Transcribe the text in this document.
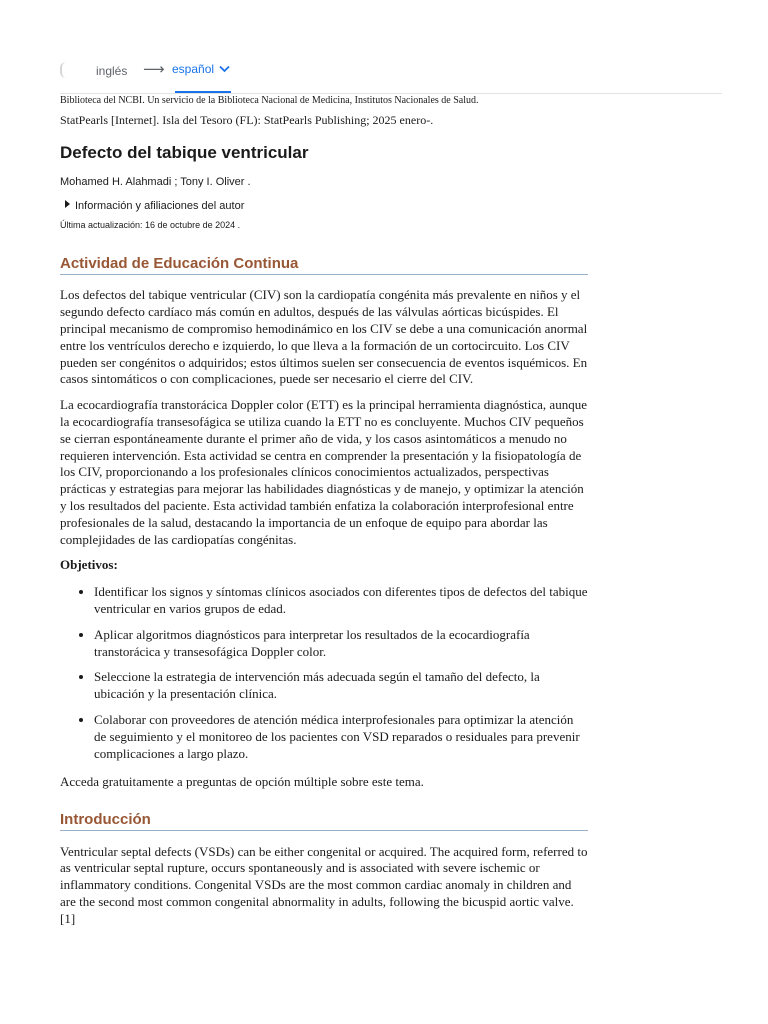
inglés ⟶ español

Biblioteca del NCBI. Un servicio de la Biblioteca Nacional de Medicina, Institutos Nacionales de Salud.

StatPearls [Internet]. Isla del Tesoro (FL): StatPearls Publishing; 2025 enero-.

Defecto del tabique ventricular

Mohamed H. Alahmadi ; Tony I. Oliver .

Información y afiliaciones del autor

Última actualización: 16 de octubre de 2024 .

Actividad de Educación Continua

Los defectos del tabique ventricular (CIV) son la cardiopatía congénita más prevalente en niños y el segundo defecto cardíaco más común en adultos, después de las válvulas aórticas bicúspides. El principal mecanismo de compromiso hemodinámico en los CIV se debe a una comunicación anormal entre los ventrículos derecho e izquierdo, lo que lleva a la formación de un cortocircuito. Los CIV pueden ser congénitos o adquiridos; estos últimos suelen ser consecuencia de eventos isquémicos. En casos sintomáticos o con complicaciones, puede ser necesario el cierre del CIV.

La ecocardiografía transtorácica Doppler color (ETT) es la principal herramienta diagnóstica, aunque la ecocardiografía transesofágica se utiliza cuando la ETT no es concluyente. Muchos CIV pequeños se cierran espontáneamente durante el primer año de vida, y los casos asintomáticos a menudo no requieren intervención. Esta actividad se centra en comprender la presentación y la fisiopatología de los CIV, proporcionando a los profesionales clínicos conocimientos actualizados, perspectivas prácticas y estrategias para mejorar las habilidades diagnósticas y de manejo, y optimizar la atención y los resultados del paciente. Esta actividad también enfatiza la colaboración interprofesional entre profesionales de la salud, destacando la importancia de un enfoque de equipo para abordar las complejidades de las cardiopatías congénitas.

Objetivos:

• Identificar los signos y síntomas clínicos asociados con diferentes tipos de defectos del tabique ventricular en varios grupos de edad.
• Aplicar algoritmos diagnósticos para interpretar los resultados de la ecocardiografía transtorácica y transesofágica Doppler color.
• Seleccione la estrategia de intervención más adecuada según el tamaño del defecto, la ubicación y la presentación clínica.
• Colaborar con proveedores de atención médica interprofesionales para optimizar la atención de seguimiento y el monitoreo de los pacientes con VSD reparados o residuales para prevenir complicaciones a largo plazo.

Acceda gratuitamente a preguntas de opción múltiple sobre este tema.

Introducción

Ventricular septal defects (VSDs) can be either congenital or acquired. The acquired form, referred to as ventricular septal rupture, occurs spontaneously and is associated with severe ischemic or inflammatory conditions. Congenital VSDs are the most common cardiac anomaly in children and are the second most common congenital abnormality in adults, following the bicuspid aortic valve.[1]
